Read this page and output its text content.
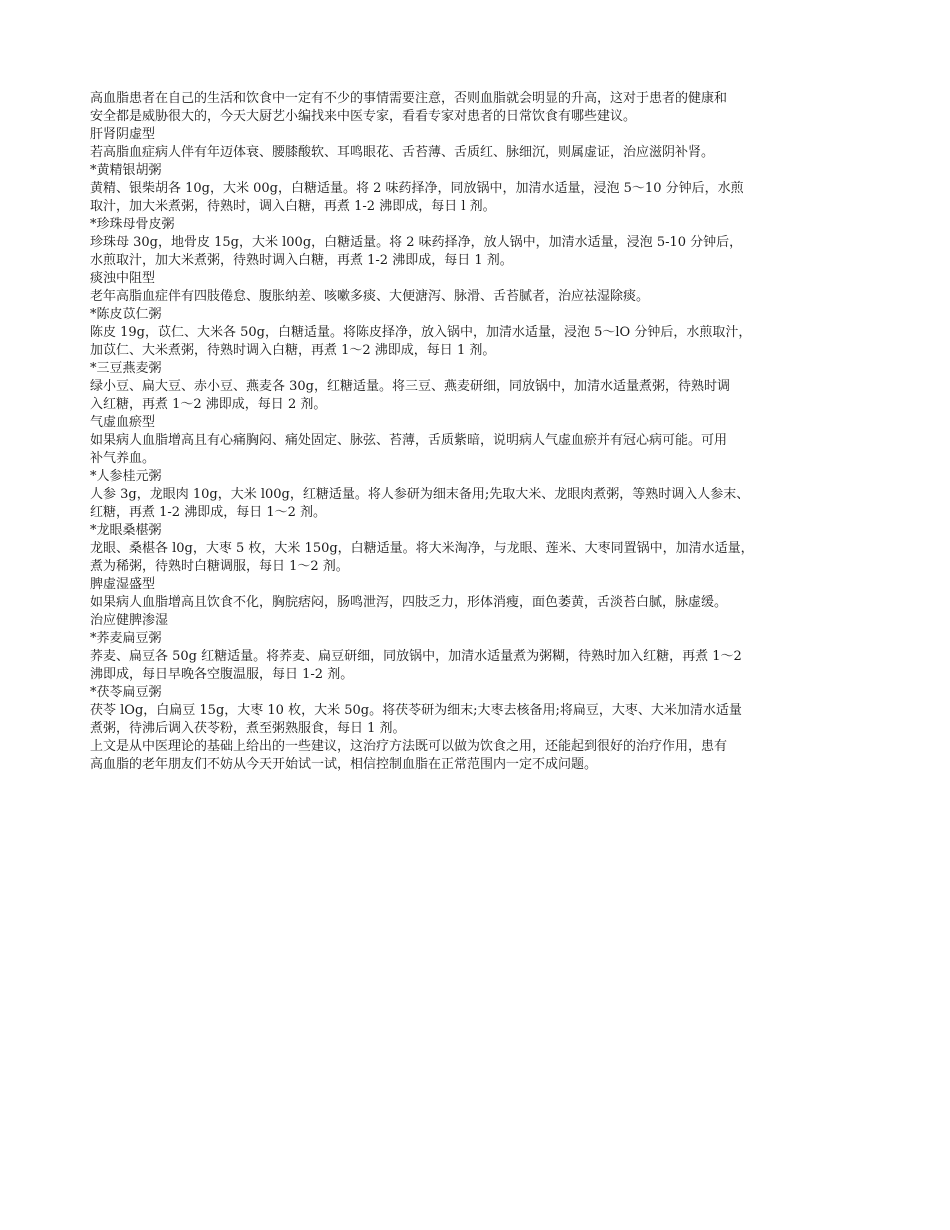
高血脂患者在自己的生活和饮食中一定有不少的事情需要注意，否则血脂就会明显的升高，这对于患者的健康和
安全都是威胁很大的，今天大厨艺小编找来中医专家，看看专家对患者的日常饮食有哪些建议。
肝肾阴虚型
若高脂血症病人伴有年迈体衰、腰膝酸软、耳鸣眼花、舌苔薄、舌质红、脉细沉，则属虚证，治应滋阴补肾。
*黄精银胡粥
黄精、银柴胡各 10g，大米 00g，白糖适量。将 2 味药择净，同放锅中，加清水适量，浸泡 5～10 分钟后，水煎
取汁，加大米煮粥，待熟时，调入白糖，再煮 1-2 沸即成，每日 l 剂。
*珍珠母骨皮粥
珍珠母 30g，地骨皮 15g，大米 l00g，白糖适量。将 2 味药择净，放人锅中，加清水适量，浸泡 5-10 分钟后，
水煎取汁，加大米煮粥，待熟时调入白糖，再煮 1-2 沸即成，每日 1 剂。
痰浊中阻型
老年高脂血症伴有四肢倦怠、腹胀纳差、咳嗽多痰、大便溏泻、脉滑、舌苔腻者，治应祛湿除痰。
*陈皮苡仁粥
陈皮 19g，苡仁、大米各 50g，白糖适量。将陈皮择净，放入锅中，加清水适量，浸泡 5～lO 分钟后，水煎取汁，
加苡仁、大米煮粥，待熟时调入白糖，再煮 1～2 沸即成，每日 1 剂。
*三豆燕麦粥
绿小豆、扁大豆、赤小豆、燕麦各 30g，红糖适量。将三豆、燕麦研细，同放锅中，加清水适量煮粥，待熟时调
入红糖，再煮 1～2 沸即成，每日 2 剂。
气虚血瘀型
如果病人血脂增高且有心痛胸闷、痛处固定、脉弦、苔薄，舌质紫暗，说明病人气虚血瘀并有冠心病可能。可用
补气养血。
*人参桂元粥
人参 3g，龙眼肉 10g，大米 l00g，红糖适量。将人参研为细末备用;先取大米、龙眼肉煮粥，等熟时调入人参末、
红糖，再煮 1-2 沸即成，每日 1～2 剂。
*龙眼桑椹粥
龙眼、桑椹各 l0g，大枣 5 枚，大米 150g，白糖适量。将大米淘净，与龙眼、莲米、大枣同置锅中，加清水适量，
煮为稀粥，待熟时白糖调服，每日 1～2 剂。
脾虚湿盛型
如果病人血脂增高且饮食不化，胸脘痞闷，肠鸣泄泻，四肢乏力，形体消瘦，面色萎黄，舌淡苔白腻，脉虚缓。
治应健脾渗湿
*荞麦扁豆粥
荞麦、扁豆各 50g 红糖适量。将荞麦、扁豆研细，同放锅中，加清水适量煮为粥糊，待熟时加入红糖，再煮 1～2
沸即成，每日早晚各空腹温服，每日 1-2 剂。
*茯苓扁豆粥
茯苓 lOg，白扁豆 15g，大枣 10 枚，大米 50g。将茯苓研为细末;大枣去核备用;将扁豆，大枣、大米加清水适量
煮粥，待沸后调入茯苓粉，煮至粥熟服食，每日 1 剂。
上文是从中医理论的基础上给出的一些建议，这治疗方法既可以做为饮食之用，还能起到很好的治疗作用，患有
高血脂的老年朋友们不妨从今天开始试一试，相信控制血脂在正常范围内一定不成问题。
